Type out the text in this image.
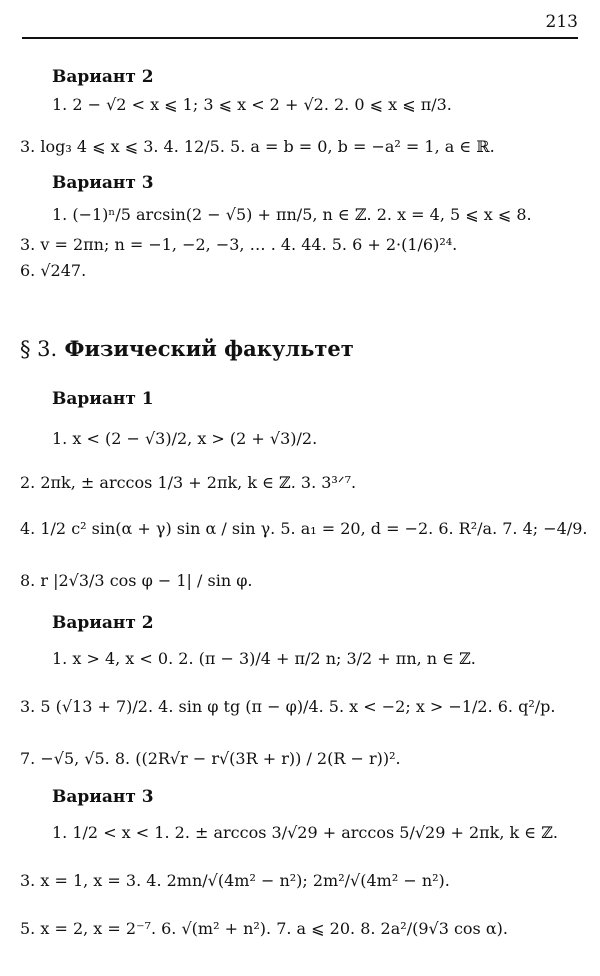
213
Вариант 2
1. 2 − √2 < x ⩽ 1; 3 ⩽ x < 2 + √2. 2. 0 ⩽ x ⩽ π/3.
3. log₃ 4 ⩽ x ⩽ 3. 4. 12/5. 5. a = b = 0, b = −a² = 1, a ∈ ℝ.
Вариант 3
1. (−1)ⁿ/5 arcsin(2 − √5) + πn/5, n ∈ ℤ. 2. x = 4, 5 ⩽ x ⩽ 8.
3. v = 2πn; n = −1, −2, −3, … . 4. 44. 5. 6 + 2·(1/6)²⁴.
6. √247.
§ 3. Физический факультет
Вариант 1
1. x < (2 − √3)/2, x > (2 + √3)/2.
2. 2πk, ± arccos 1/3 + 2πk, k ∈ ℤ. 3. 3³ᐟ⁷.
4. 1/2 c² sin(α + γ) sin α / sin γ. 5. a₁ = 20, d = −2. 6. R²/a. 7. 4; −4/9.
8. r |2√3/3 cos φ − 1| / sin φ.
Вариант 2
1. x > 4, x < 0. 2. (π − 3)/4 + π/2 n; 3/2 + πn, n ∈ ℤ.
3. 5 (√13 + 7)/2. 4. sin φ tg (π − φ)/4. 5. x < −2; x > −1/2. 6. q²/p.
7. −√5, √5. 8. ((2R√r − r√(3R + r)) / 2(R − r))².
Вариант 3
1. 1/2 < x < 1. 2. ± arccos 3/√29 + arccos 5/√29 + 2πk, k ∈ ℤ.
3. x = 1, x = 3. 4. 2mn/√(4m² − n²); 2m²/√(4m² − n²).
5. x = 2, x = 2⁻⁷. 6. √(m² + n²). 7. a ⩽ 20. 8. 2a²/(9√3 cos α).
